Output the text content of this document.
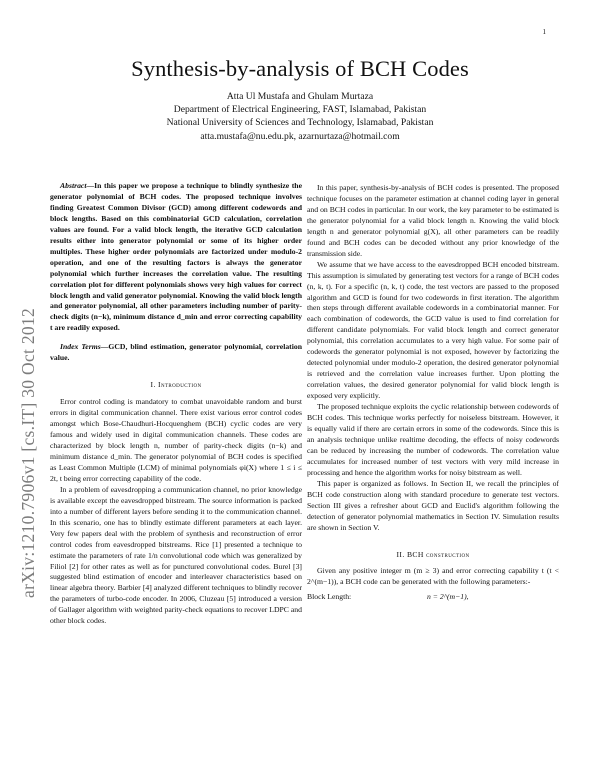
1
arXiv:1210.7906v1 [cs.IT] 30 Oct 2012
Synthesis-by-analysis of BCH Codes
Atta Ul Mustafa and Ghulam Murtaza
Department of Electrical Engineering, FAST, Islamabad, Pakistan
National University of Sciences and Technology, Islamabad, Pakistan
atta.mustafa@nu.edu.pk, azarnurtaza@hotmail.com

Abstract—In this paper we propose a technique to blindly synthesize the generator polynomial of BCH codes. The proposed technique involves finding Greatest Common Divisor (GCD) among different codewords and block lengths. Based on this combinatorial GCD calculation, correlation values are found. For a valid block length, the iterative GCD calculation results either into generator polynomial or some of its higher order multiples. These higher order polynomials are factorized under modulo-2 operation, and one of the resulting factors is always the generator polynomial which further increases the correlation value. The resulting correlation plot for different polynomials shows very high values for correct block length and valid generator polynomial. Knowing the valid block length and generator polynomial, all other parameters including number of parity-check digits (n−k), minimum distance d_min and error correcting capability t are readily exposed.

Index Terms—GCD, blind estimation, generator polynomial, correlation value.

I. Introduction

Error control coding is mandatory to combat unavoidable random and burst errors in digital communication channel. There exist various error control codes amongst which Bose-Chaudhuri-Hocquenghem (BCH) cyclic codes are very famous and widely used in digital communication channels. These codes are characterized by block length n, number of parity-check digits (n−k) and minimum distance d_min. The generator polynomial of BCH codes is specified as Least Common Multiple (LCM) of minimal polynomials φi(X) where 1 ≤ i ≤ 2t, t being error correcting capability of the code.

In a problem of eavesdropping a communication channel, no prior knowledge is available except the eavesdropped bitstream. The source information is packed into a number of different layers before sending it to the communication channel. In this scenario, one has to blindly estimate different parameters at each layer. Very few papers deal with the problem of synthesis and reconstruction of error control codes from eavesdropped bitstreams. Rice [1] presented a technique to estimate the parameters of rate 1/n convolutional code which was generalized by Filiol [2] for other rates as well as for punctured convolutional codes. Burel [3] suggested blind estimation of encoder and interleaver characteristics based on linear algebra theory. Barbier [4] analyzed different techniques to blindly recover the parameters of turbo-code encoder. In 2006, Cluzeau [5] introduced a version of Gallager algorithm with weighted parity-check equations to recover LDPC and other block codes.

In this paper, synthesis-by-analysis of BCH codes is presented. The proposed technique focuses on the parameter estimation at channel coding layer in general and on BCH codes in particular. In our work, the key parameter to be estimated is the generator polynomial for a valid block length n. Knowing the valid block length n and generator polynomial g(X), all other parameters can be readily found and BCH codes can be decoded without any prior knowledge of the transmission side.

We assume that we have access to the eavesdropped BCH encoded bitstream. This assumption is simulated by generating test vectors for a range of BCH codes (n, k, t). For a specific (n, k, t) code, the test vectors are passed to the proposed algorithm and GCD is found for two codewords in first iteration. The algorithm then steps through different available codewords in a combinatorial manner. For each combination of codewords, the GCD value is used to find correlation for different candidate polynomials. For valid block length and correct generator polynomial, this correlation accumulates to a very high value. For some pair of codewords the generator polynomial is not exposed, however by factorizing the detected polynomial under modulo-2 operation, the desired generator polynomial is retrieved and the correlation value increases further. Upon plotting the correlation values, the desired generator polynomial for valid block length is exposed very explicitly.

The proposed technique exploits the cyclic relationship between codewords of BCH codes. This technique works perfectly for noiseless bitstream. However, it is equally valid if there are certain errors in some of the codewords. Since this is an analysis technique unlike realtime decoding, the effects of noisy codewords can be reduced by increasing the number of codewords. The correlation value accumulates for increased number of test vectors with very mild increase in processing and hence the algorithm works for noisy bitstream as well.

This paper is organized as follows. In Section II, we recall the principles of BCH code construction along with standard procedure to generate test vectors. Section III gives a refresher about GCD and Euclid's algorithm following the detection of generator polynomial mathematics in Section IV. Simulation results are shown in Section V.

II. BCH construction

Given any positive integer m (m ≥ 3) and error correcting capability t (t < 2^(m−1)), a BCH code can be generated with the following parameters:-

Block Length:	n = 2^(m−1),
